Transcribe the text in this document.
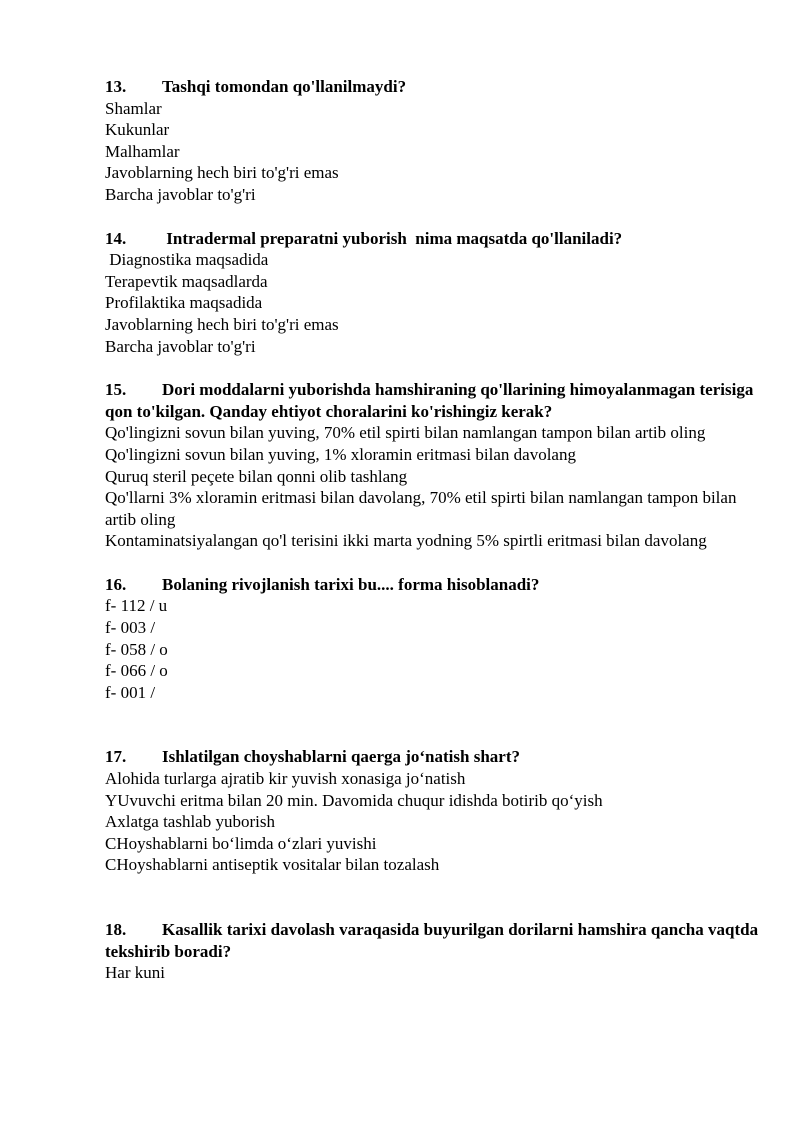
13.	Tashqi tomondan qo'llanilmaydi?

Shamlar
Kukunlar
Malhamlar
Javoblarning hech biri to'g'ri emas
Barcha javoblar to'g'ri

14.	Intradermal preparatni yuborish  nima maqsatda qo'llaniladi?

Diagnostika maqsadida
Terapevtik maqsadlarda
Profilaktika maqsadida
Javoblarning hech biri to'g'ri emas
Barcha javoblar to'g'ri

15. Dori moddalarni yuborishda hamshiraning qo'llarining himoyalanmagan terisiga qon to'kilgan. Qanday ehtiyot choralarini ko'rishingiz kerak?

Qo'lingizni sovun bilan yuving, 70% etil spirti bilan namlangan tampon bilan artib oling
Qo'lingizni sovun bilan yuving, 1% xloramin eritmasi bilan davolang
Quruq steril peçete bilan qonni olib tashlang
Qo'llarni 3% xloramin eritmasi bilan davolang, 70% etil spirti bilan namlangan tampon bilan artib oling
Kontaminatsiyalangan qo'l terisini ikki marta yodning 5% spirtli eritmasi bilan davolang

16.	Bolaning rivojlanish tarixi bu.... forma hisoblanadi?

f- 112 / u
f- 003 /
f- 058 / o
f- 066 / o
f- 001 /

17.	Ishlatilgan choyshablarni qaerga jo‘natish shart?

Alohida turlarga ajratib kir yuvish xonasiga jo‘natish
YUvuvchi eritma bilan 20 min. Davomida chuqur idishda botirib qo‘yish
Axlatga tashlab yuborish
CHoyshablarni bo‘limda o‘zlari yuvishi
CHoyshablarni antiseptik vositalar bilan tozalash

18. Kasallik tarixi davolash varaqasida buyurilgan dorilarni hamshira qancha vaqtda tekshirib boradi?

Har kuni
